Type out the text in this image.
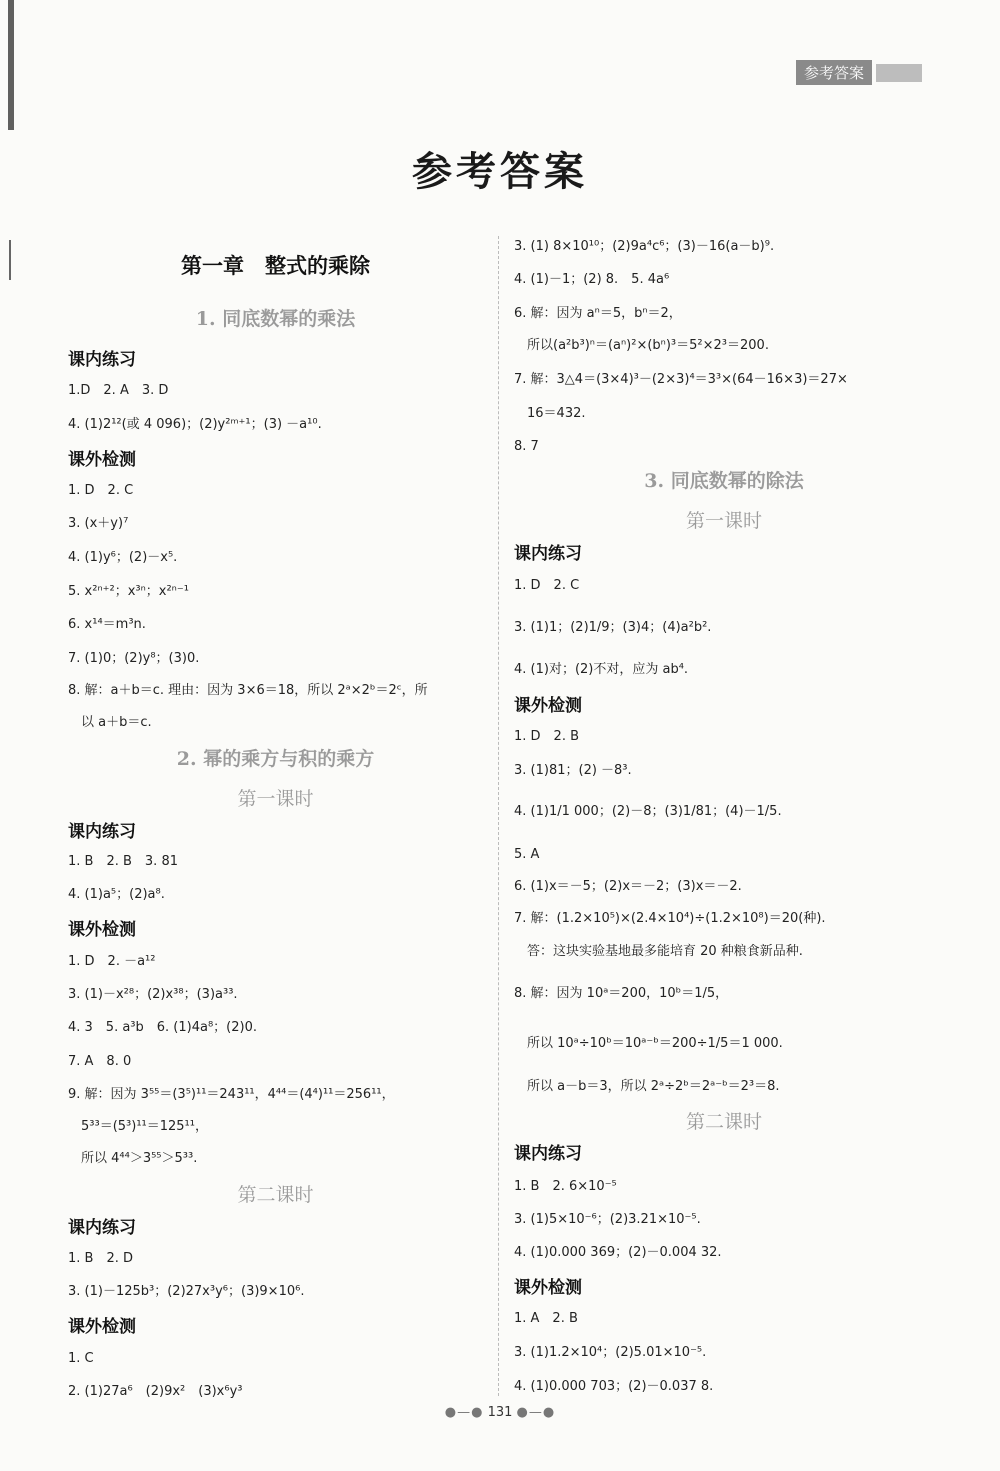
参考答案
参考答案
第一章　整式的乘除
1. 同底数幂的乘法
课内练习
1.D　2. A　3. D
4. (1)2¹²(或 4 096)；(2)y²ᵐ⁺¹；(3) －a¹⁰.
课外检测
1. D　2. C
3. (x＋y)⁷
4. (1)y⁶；(2)－x⁵.
5. x²ⁿ⁺²；x³ⁿ；x²ⁿ⁻¹
6. x¹⁴＝m³n.
7. (1)0；(2)y⁸；(3)0.
8. 解：a＋b＝c. 理由：因为 3×6＝18，所以 2ᵃ×2ᵇ＝2ᶜ，所
　以 a＋b＝c.
2. 幂的乘方与积的乘方
第一课时
课内练习
1. B　2. B　3. 81
4. (1)a⁵；(2)a⁸.
课外检测
1. D　2. －a¹²
3. (1)－x²⁸；(2)x³⁸；(3)a³³.
4. 3　5. a³b　6. (1)4a⁸；(2)0.
7. A　8. 0
9. 解：因为 3⁵⁵＝(3⁵)¹¹＝243¹¹，4⁴⁴＝(4⁴)¹¹＝256¹¹，
　5³³＝(5³)¹¹＝125¹¹，
　所以 4⁴⁴＞3⁵⁵＞5³³.
第二课时
课内练习
1. B　2. D
3. (1)－125b³；(2)27x³y⁶；(3)9×10⁶.
课外检测
1. C
2. (1)27a⁶　(2)9x²　(3)x⁶y³
3. (1) 8×10¹⁰；(2)9a⁴c⁶；(3)－16(a－b)⁹.
4. (1)－1；(2) 8.　5. 4a⁶
6. 解：因为 aⁿ＝5，bⁿ＝2，
　所以(a²b³)ⁿ＝(aⁿ)²×(bⁿ)³＝5²×2³＝200.
7. 解：3△4＝(3×4)³－(2×3)⁴＝3³×(64－16×3)＝27×
　16＝432.
8. 7
3. 同底数幂的除法
第一课时
课内练习
1. D　2. C
3. (1)1；(2)1/9；(3)4；(4)a²b².
4. (1)对；(2)不对，应为 ab⁴.
课外检测
1. D　2. B
3. (1)81；(2) －8³.
4. (1)1/1 000；(2)－8；(3)1/81；(4)－1/5.
5. A
6. (1)x＝－5；(2)x＝－2；(3)x＝－2.
7. 解：(1.2×10⁵)×(2.4×10⁴)÷(1.2×10⁸)＝20(种).
　答：这块实验基地最多能培育 20 种粮食新品种.
8. 解：因为 10ᵃ＝200，10ᵇ＝1/5，
　所以 10ᵃ÷10ᵇ＝10ᵃ⁻ᵇ＝200÷1/5＝1 000.
　所以 a－b＝3，所以 2ᵃ÷2ᵇ＝2ᵃ⁻ᵇ＝2³＝8.
第二课时
课内练习
1. B　2. 6×10⁻⁵
3. (1)5×10⁻⁶；(2)3.21×10⁻⁵.
4. (1)0.000 369；(2)－0.004 32.
课外检测
1. A　2. B
3. (1)1.2×10⁴；(2)5.01×10⁻⁵.
4. (1)0.000 703；(2)－0.037 8.
●—● 131 ●—●
